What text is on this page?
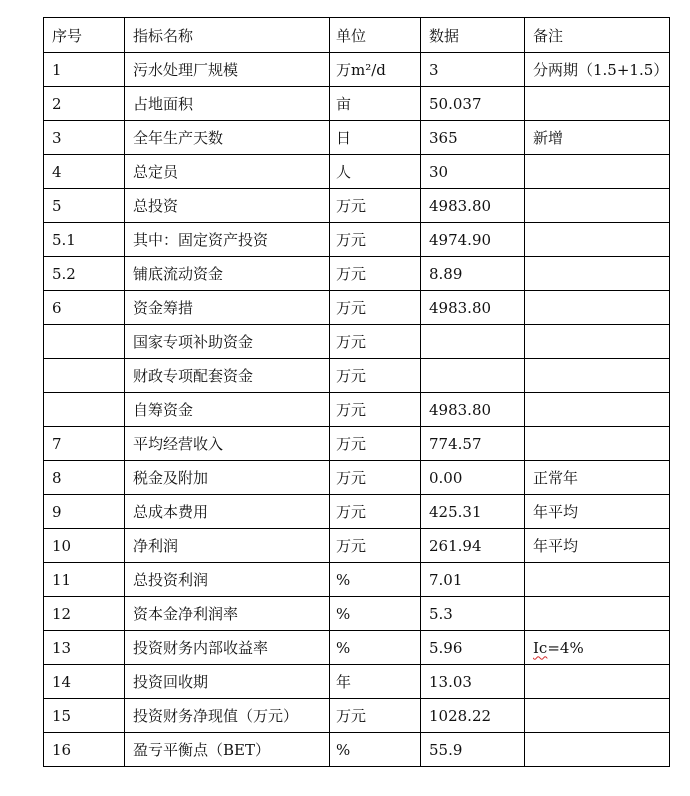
序号	指标名称	单位	数据	备注
1	污水处理厂规模	万m²/d	3	分两期（1.5+1.5）
2	占地面积	亩	50.037	
3	全年生产天数	日	365	新增
4	总定员	人	30	
5	总投资	万元	4983.80	
5.1	其中：固定资产投资	万元	4974.90	
5.2	铺底流动资金	万元	8.89	
6	资金筹措	万元	4983.80	
	国家专项补助资金	万元		
	财政专项配套资金	万元		
	自筹资金	万元	4983.80	
7	平均经营收入	万元	774.57	
8	税金及附加	万元	0.00	正常年
9	总成本费用	万元	425.31	年平均
10	净利润	万元	261.94	年平均
11	总投资利润	%	7.01	
12	资本金净利润率	%	5.3	
13	投资财务内部收益率	%	5.96	Ic=4%
14	投资回收期	年	13.03	
15	投资财务净现值（万元）	万元	1028.22	
16	盈亏平衡点（BET）	%	55.9	
